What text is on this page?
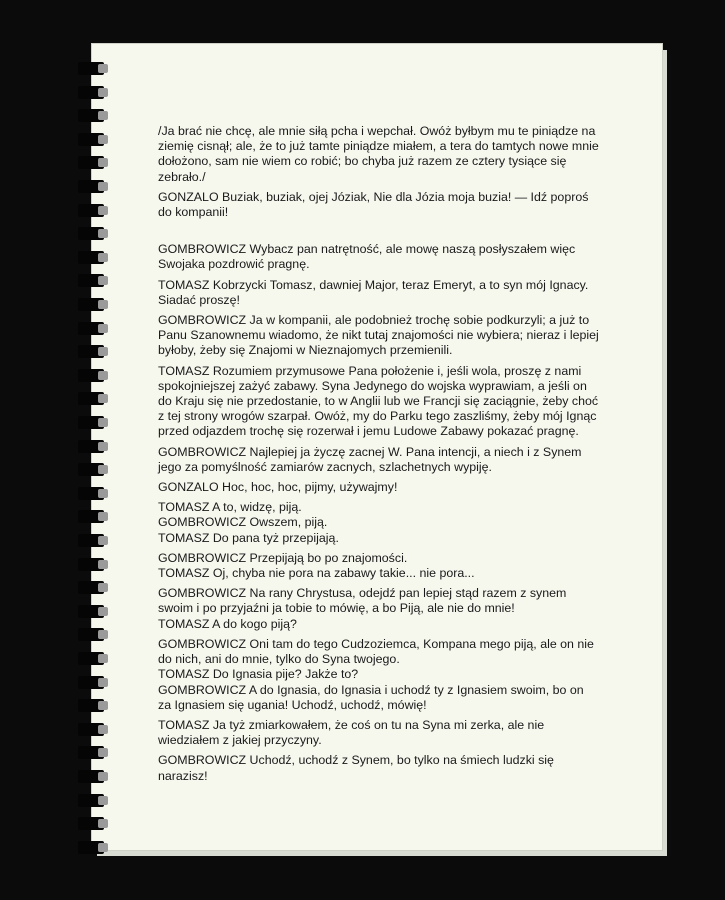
/Ja brać nie chcę, ale mnie siłą pcha i wepchał. Owóż byłbym mu te piniądze na ziemię cisnął; ale, że to już tamte piniądze miałem, a tera do tamtych nowe mnie dołożono, sam nie wiem co robić; bo chyba już razem ze cztery tysiące się zebrało./

GONZALO Buziak, buziak, ojej Józiak, Nie dla Józia moja buzia! — Idź poproś do kompanii!

GOMBROWICZ Wybacz pan natrętność, ale mowę naszą posłyszałem więc Swojaka pozdrowić pragnę.

TOMASZ Kobrzycki Tomasz, dawniej Major, teraz Emeryt, a to syn mój Ignacy. Siadać proszę!

GOMBROWICZ Ja w kompanii, ale podobnież trochę sobie podkurzyli; a już to Panu Szanownemu wiadomo, że nikt tutaj znajomości nie wybiera; nieraz i lepiej byłoby, żeby się Znajomi w Nieznajomych przemienili.

TOMASZ Rozumiem przymusowe Pana położenie i, jeśli wola, proszę z nami spokojniejszej zażyć zabawy. Syna Jedynego do wojska wyprawiam, a jeśli on do Kraju się nie przedostanie, to w Anglii lub we Francji się zaciągnie, żeby choć z tej strony wrogów szarpał. Owóż, my do Parku tego zaszliśmy, żeby mój Ignąc przed odjazdem trochę się rozerwał i jemu Ludowe Zabawy pokazać pragnę.

GOMBROWICZ Najlepiej ja życzę zacnej W. Pana intencji, a niech i z Synem jego za pomyślność zamiarów zacnych, szlachetnych wypiję.

GONZALO Hoc, hoc, hoc, pijmy, używajmy!

TOMASZ A to, widzę, piją.

GOMBROWICZ Owszem, piją.

TOMASZ Do pana tyż przepijają.

GOMBROWICZ Przepijają bo po znajomości.

TOMASZ Oj, chyba nie pora na zabawy takie... nie pora...

GOMBROWICZ Na rany Chrystusa, odejdź pan lepiej stąd razem z synem swoim i po przyjaźni ja tobie to mówię, a bo Piją, ale nie do mnie!

TOMASZ A do kogo piją?

GOMBROWICZ Oni tam do tego Cudzoziemca, Kompana mego piją, ale on nie do nich, ani do mnie, tylko do Syna twojego.

TOMASZ Do Ignasia pije? Jakże to?

GOMBROWICZ A do Ignasia, do Ignasia i uchodź ty z Ignasiem swoim, bo on za Ignasiem się ugania! Uchodź, uchodź, mówię!

TOMASZ Ja tyż zmiarkowałem, że coś on tu na Syna mi zerka, ale nie wiedziałem z jakiej przyczyny.

GOMBROWICZ Uchodź, uchodź z Synem, bo tylko na śmiech ludzki się narazisz!
